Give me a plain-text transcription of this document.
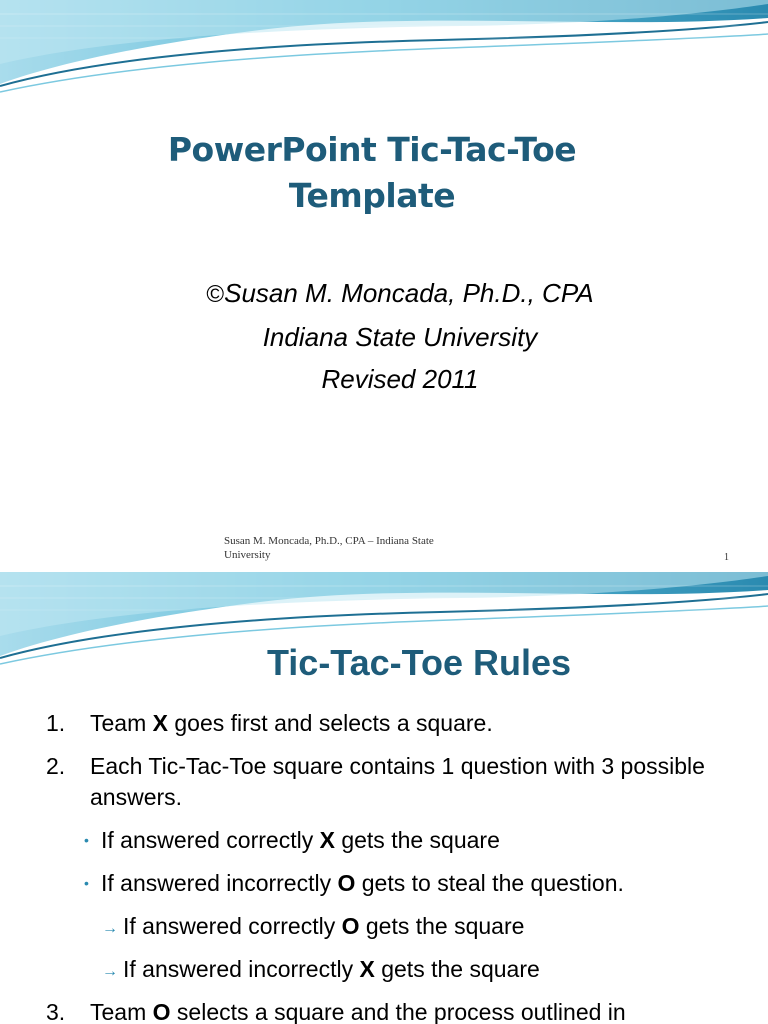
PowerPoint Tic-Tac-Toe
Template
©Susan M. Moncada, Ph.D., CPA
Indiana State University
Revised 2011
Susan M. Moncada, Ph.D., CPA – Indiana State
University	1
Tic-Tac-Toe Rules
1. Team X goes first and selects a square.
2. Each Tic-Tac-Toe square contains 1 question with 3 possible answers.
• If answered correctly X gets the square
• If answered incorrectly O gets to steal the question.
→ If answered correctly O gets the square
→ If answered incorrectly X gets the square
3. Team O selects a square and the process outlined in
